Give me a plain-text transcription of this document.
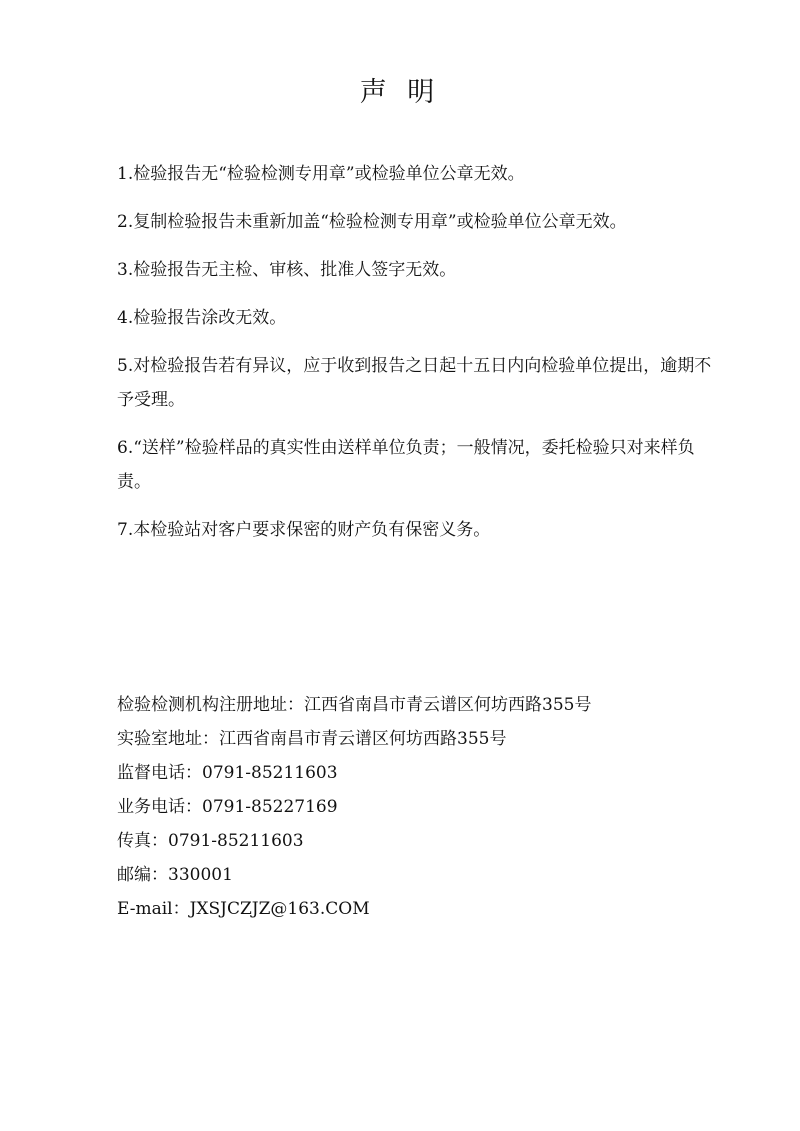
声 明
1.检验报告无“检验检测专用章”或检验单位公章无效。
2.复制检验报告未重新加盖“检验检测专用章”或检验单位公章无效。
3.检验报告无主检、审核、批准人签字无效。
4.检验报告涂改无效。
5.对检验报告若有异议，应于收到报告之日起十五日内向检验单位提出，逾期不予受理。
6.“送样”检验样品的真实性由送样单位负责；一般情况，委托检验只对来样负责。
7.本检验站对客户要求保密的财产负有保密义务。
检验检测机构注册地址：江西省南昌市青云谱区何坊西路355号
实验室地址：江西省南昌市青云谱区何坊西路355号
监督电话：0791-85211603
业务电话：0791-85227169
传真：0791-85211603
邮编：330001
E-mail：JXSJCZJZ@163.COM
